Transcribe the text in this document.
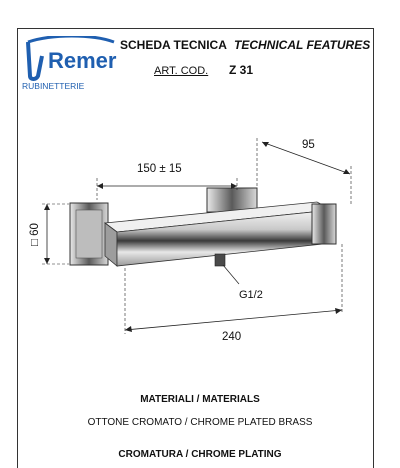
Remer
RUBINETTERIE
SCHEDA TECNICA TECHNICAL FEATURES
ART. COD. Z 31
150 ± 15
95
□ 60
G1/2
240
MATERIALI / MATERIALS
OTTONE CROMATO / CHROME PLATED BRASS
CROMATURA / CHROME PLATING
